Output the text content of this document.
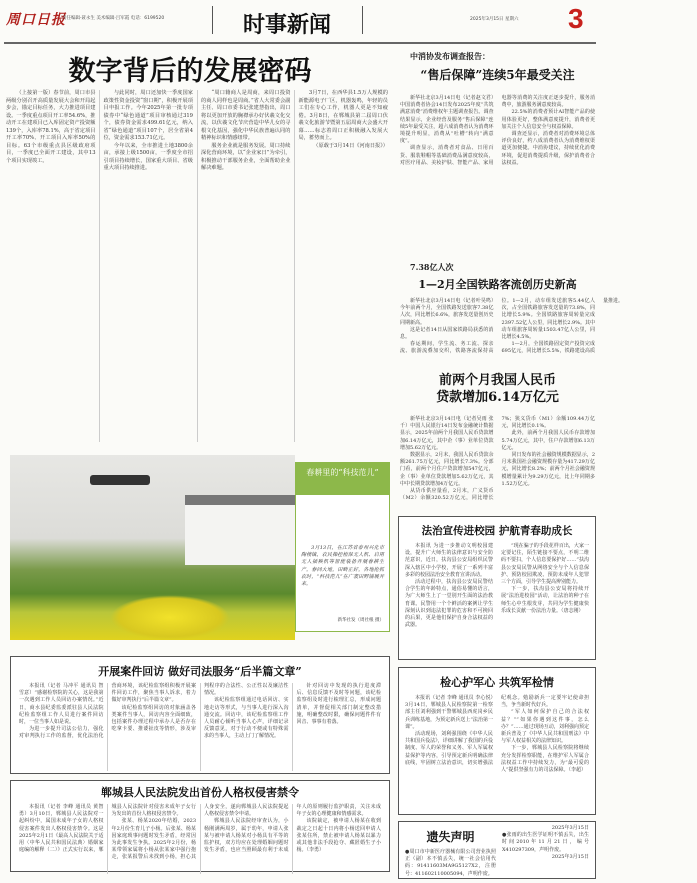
周口日报
责任编辑·聂永生 美术编辑·吕军霞 电话：6199520	时事新闻	2025年3月15日 星期六 3
数字背后的发展密码

（上接第一版）春节前，周口市县两级分别召开高质量发展大会和开局起步会，锚定目标任务，大力推进项目建设。一季度重点项目开工率54.6%，推动开工在建项目已入库固定资产投资额139个，入库率78.1%，高于省定项目开工率70%、开工项目入库率50%的目标。63个市级重点县区级政府项目，一季度已全面开工建设，其中13个项目实现竣工。

与此同时，周口还加快一季度国家政策性资金投资“窗口期”，积极开展项目申报工作。今年2025年第一批专项债券中“绿色通道”项目审核通过319个，债券资金需求499.61亿元，纳入省“绿色通道”项目107个，居全省第4位，资金需求153.71亿元。

今年以来，全市推进土地3800余亩，承接上级1500亩，一季度全市招引项目持续增长，国家重大项目、省级重大项目持续推进。

“周口籍商人是周商，来周口投资的商人同样也是周商。”省人大常委会副主任、周口市委书记张建慧指出，周口将以更加开放的胸襟承办好伏羲文化交流，以伏羲文化节庆营造中华儿女的寻根文化基因，强化中华民族普遍认同的精神标识和情感纽带。

服务企业就是服务发展。周口持续深化营商环境，以“企业家日”为牵引，积极推动干部服务企业，全面帮助企业解决难题。

3月7日，在西华县1.5万人规模的新能源电子厂区，机器轰鸣，年轻的员工们在专心工作，机器人更是不知疲倦。3月8日，在郸城县第二届周口伏羲文化旅游节暨第五届周商大会盛大开幕……标志着周口正积极融入发展大局，蓄势而上。

（原载于3月14日《河南日报》）

春耕里的“科技范儿”
3月13日，在江苏省泰州兴化市陶楼镇，农民操控植保无人机、启用无人插秧机等智能装备开展春耕生产。春回大地，田畴正好，各地抢抓农时，“科技范儿”在广袤田野铺展开来。
新华社发（周社根 摄）
开展案件回访 做好司法服务“后半篇文章”

本报讯（记者 马冲平 通讯员 智雪意）“感谢检察院的关心，这是我第一次遇到工作人员回访办案情况。”近日，商水县纪委监委派驻县人民法院纪检监察组工作人员进行案件回访时，一位当事人如是说。

为进一步提升司法公信力，强化对审判执行工作的监督，优化法治化营商环境，该纪检监察组积极开展案件回访工作，聚焦当事人诉求，着力做好审判执行“后半篇文章”。

该纪检监察组回访的对象涵盖各类案件当事人，回访内容全面细致，包括案件办理过程中承办人是否存在吃拿卡要、推诿扯皮等情形，涉及审判程序的合法性、公正性以及廉洁性情况。

该纪检监察组通过电话回访、实地走访等形式，与当事人进行深入沟通交流。回访中，该纪检监察组工作人员耐心倾听当事人心声，详细记录反馈意见，对于行动不便或有特殊需求的当事人，主动上门了解情况。

针对回访中发现的执行进度滞后、信息反馈不及时等问题，该纪检监察组及时进行梳理汇总，形成问题清单，并督促相关部门制定整改措施，明确整改时限，确保问题件件有回音、事事有着落。

郸城县人民法院发出首份人格权侵害禁令

本报讯（记者 李峰 通讯员 黄智勇）3月10日，郸城县人民法院对一起纠纷中，属国未成年子女的人格权侵害案件发出人格权侵害禁令。这是2025年2月1日《最高人民法院关于适用〈中华人民共和国民法典〉婚姻家庭编的解释（二）》正式实行以来，郸城县人民法院针对侵害未成年子女行为发出的首份人格权侵害禁令。

张某、杨某2020年结婚，2023年2月份生育儿子小杨。后张某、杨某因家庭琐事问题时发生矛盾，经常因为此事发生争执。2025年2月份，杨某带领家属将小杨从张某家中强行抱走，张某报警后未找到小杨，担心其人身安全，遂向郸城县人民法院提起人格权侵害禁令申请。

郸城县人民法院经审查认为，小杨刚满两周岁，属于幼年，申请人张某与被申请人杨某对小杨具有平等的监护权，双方均应在处理婚姻问题时发生矛盾，也应当照顾最有利于未成年人的原则履行监护职责，关注未成年子女的心理健康和情感需求。

该院裁定，被申请人杨某在收到裁定之日起十日内将小杨送回申请人张某住所，禁止被申请人杨某以暴力或其他非法手段抢夺、藏匿婚生子小杨。（李勇）

中消协发布调查报告：
“售后保障”连续5年最受关注

新华社北京3月14日电（记者赵文君）中国消费者协会14日发布2025年度“共筑满意消费”消费维权年主题调查报告。调查结果显示，企业经营及服务“售后保障”连续5年最受关注，超六成消费者认为消费环境提升明显，消费从“吐槽”转向“满意度”。

调查显示，消费者对食品、日用百货、服装鞋帽等基础消费品满意度较高，对医疗用品、美妆护肤、智能产品、家用电器等消费的关注度正逐步提升，服务消费中，旅游服务满意度较高。

22.5%的消费者预计AI智能产品的使用体验更好，整体满意度提升，消费者更加关注个人信息安全与权益保障。

调查还显示，消费者对消费环境总体评价良好，约八成消费者认为消费维权渠道更加便捷。中消协建议，持续优化消费环境，促进消费提质升级，保护消费者合法权益。

7.38亿人次
1—2月全国铁路客流创历史新高

新华社北京3月14日电（记者叶昊鸣）今年前两个月，全国铁路发送旅客7.38亿人次，同比增长6.6%，旅客发送量创历史同期新高。

这是记者14日从国家铁路局获悉的消息。

春运期间，学生流、务工流、探亲流、旅游流叠加交织，铁路客流保持高位。1—2月，动车组发送旅客5.44亿人次，占全国铁路旅客发送量的73.8%，同比增长5.9%。全国铁路旅客周转量完成2397.52亿人公里，同比增长2.9%。其中动车组旅客周转量1503.47亿人公里，同比增长4.5%。

1—2月，全国铁路固定资产投资完成695亿元，同比增长5.5%，铁路建设高质量推进。

前两个月我国人民币
贷款增加6.14万亿元

新华社北京3月14日电（记者吴雨 张千）中国人民银行14日发布金融统计数据显示，2025年前两个月我国人民币贷款增加6.14万亿元，其中企（事）业单位贷款增加5.62万亿元。

数据显示，2月末，我国人民币贷款余额261.75万亿元，同比增长7.3%。分部门看，前两个月住户贷款增加547亿元，企（事）业单位贷款增加5.62万亿元，其中中长期贷款增加4万亿元。

从货币供应量看，2月末，广义货币（M2）余额320.52万亿元，同比增长7%；狭义货币（M1）余额109.44万亿元，同比增长0.1%。

此外，前两个月我国人民币存款增加5.74万亿元，其中，住户存款增加6.13万亿元。

同日发布的社会融资规模数据显示，2月末我国社会融资规模存量为417.29万亿元，同比增长8.2%；前两个月社会融资规模增量累计为9.29万亿元，比上年同期多1.52万亿元。

法治宣传进校园 护航青春助成长

本报讯 为进一步推动文明校园建设，提升广大师生的法律意识与安全防范意识，近日，扶沟县公安局组织民警深入辖区中小学校，开展了一系列丰富多彩的校园法治安全教育宣讲活动。

活动过程中，扶沟县公安局民警结合学生的年龄特点，通俗易懂的语言，为广大师生上了一堂别开生面的法治教育课。民警用一个个鲜活的案例让学生深刻认识到违法犯罪的危害和不可挽回的后果，更是他们保护自身合法权益的武器。

“现在骗子的手段花样百出，大家一定要记住，陌生链接不要点，不明二维码不要扫，个人信息要保护好……”扶沟县公安局民警从网络安全与个人信息保护、预防校园欺凌、预防未成年人犯罪三个方面，引导学生提高辨别能力。

下一步，扶沟县公安局将持续开展“法治进校园”活动，让法治的种子在师生心中生根发芽，共同为学生健康快乐成长贡献一份法治力量。（唐志刚）

检心护军心 共筑军检情

本报讯（记者 李峰 通讯员 李心悦）3月14日，郸城县人民检察院第一检察部主任刘利强到干警郸城县西虎岗乡民兵训练基地，为预定新兵送上“法治第一课”。

活动现场，刘利强围绕《中华人民共和国兵役法》，详细讲解了我国的兵役制度、军人的荣誉和义务、军人军属权益保护等内容，引导预定新兵明确法律底线，牢固树立法治意识，切实增强法纪观念。勉励新兵一定要牢记使命担当，争当新时代好兵。

“军人如何保护自己的合法权益？”“如果你遇到这件事，怎么办？”……通过现场互动，刘利强向预定新兵普及了《中华人民共和国刑法》中与军人权益相关的法律知识。

下一步，郸城县人民检察院将继续充分发挥检察职能，在维护军人军属合法权益工作中持续发力，为“最可爱的人”提供坚强有力的司法保障。（李超）

遗失声明
●周口市中新医疗器械有限公司营业执照正（副）本不慎丢失，统一社会信用代码：91411603MA9G5127X2，注册号：411602110005094，声明作废。
2025年3月15日
●张雨的出生医学证明不慎丢失，出生时间2010年11月21日，编号X410297309，声明作废。
2025年3月15日
